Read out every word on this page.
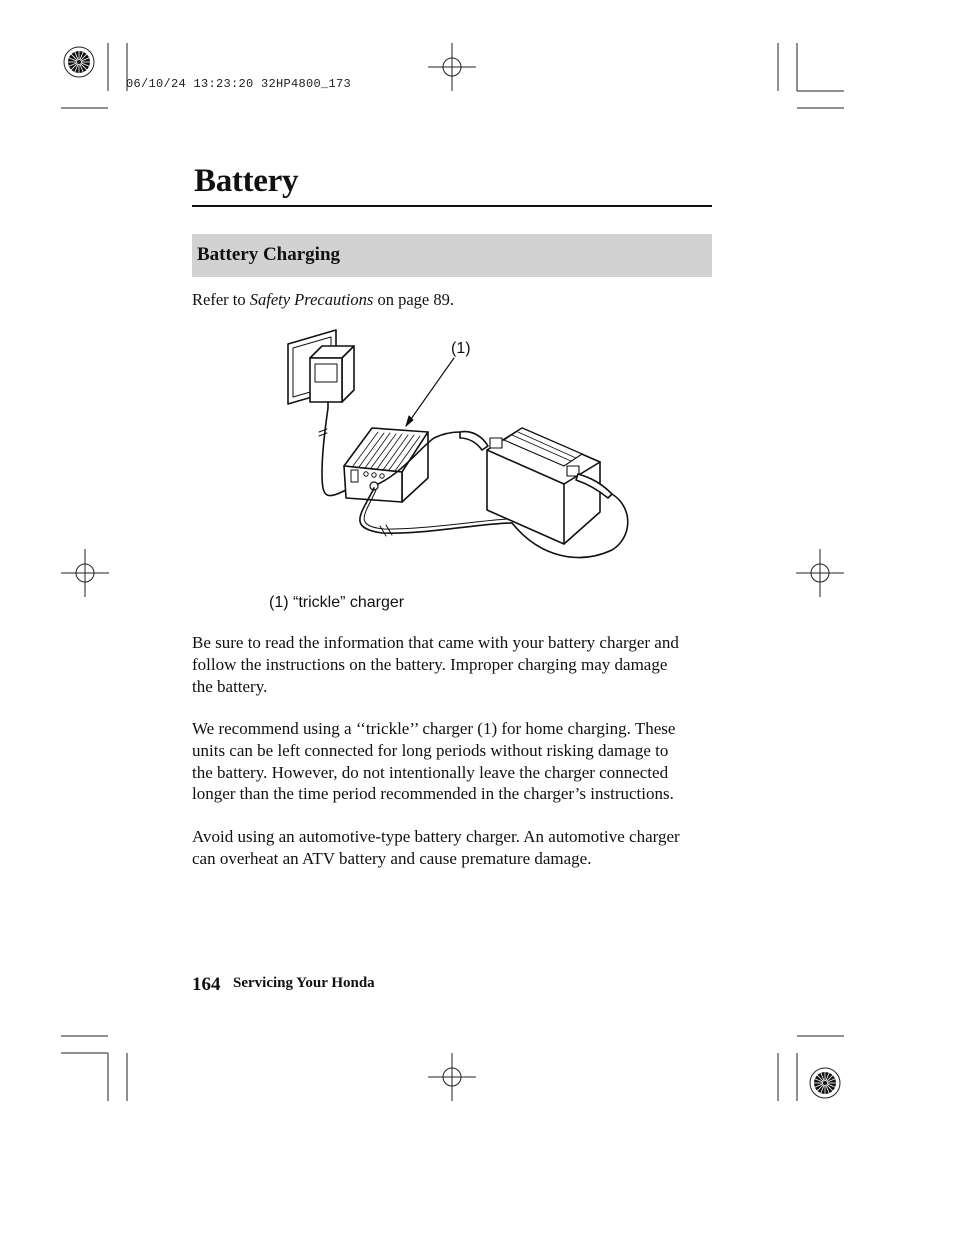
06/10/24 13:23:20 32HP4800_173
Battery
Battery Charging
Refer to Safety Precautions on page 89.
(1)
(1) “trickle” charger
Be sure to read the information that came with your battery charger and
follow the instructions on the battery. Improper charging may damage
the battery.
We recommend using a ‘‘trickle’’ charger (1) for home charging. These
units can be left connected for long periods without risking damage to
the battery. However, do not intentionally leave the charger connected
longer than the time period recommended in the charger’s instructions.
Avoid using an automotive-type battery charger. An automotive charger
can overheat an ATV battery and cause premature damage.
164 Servicing Your Honda
